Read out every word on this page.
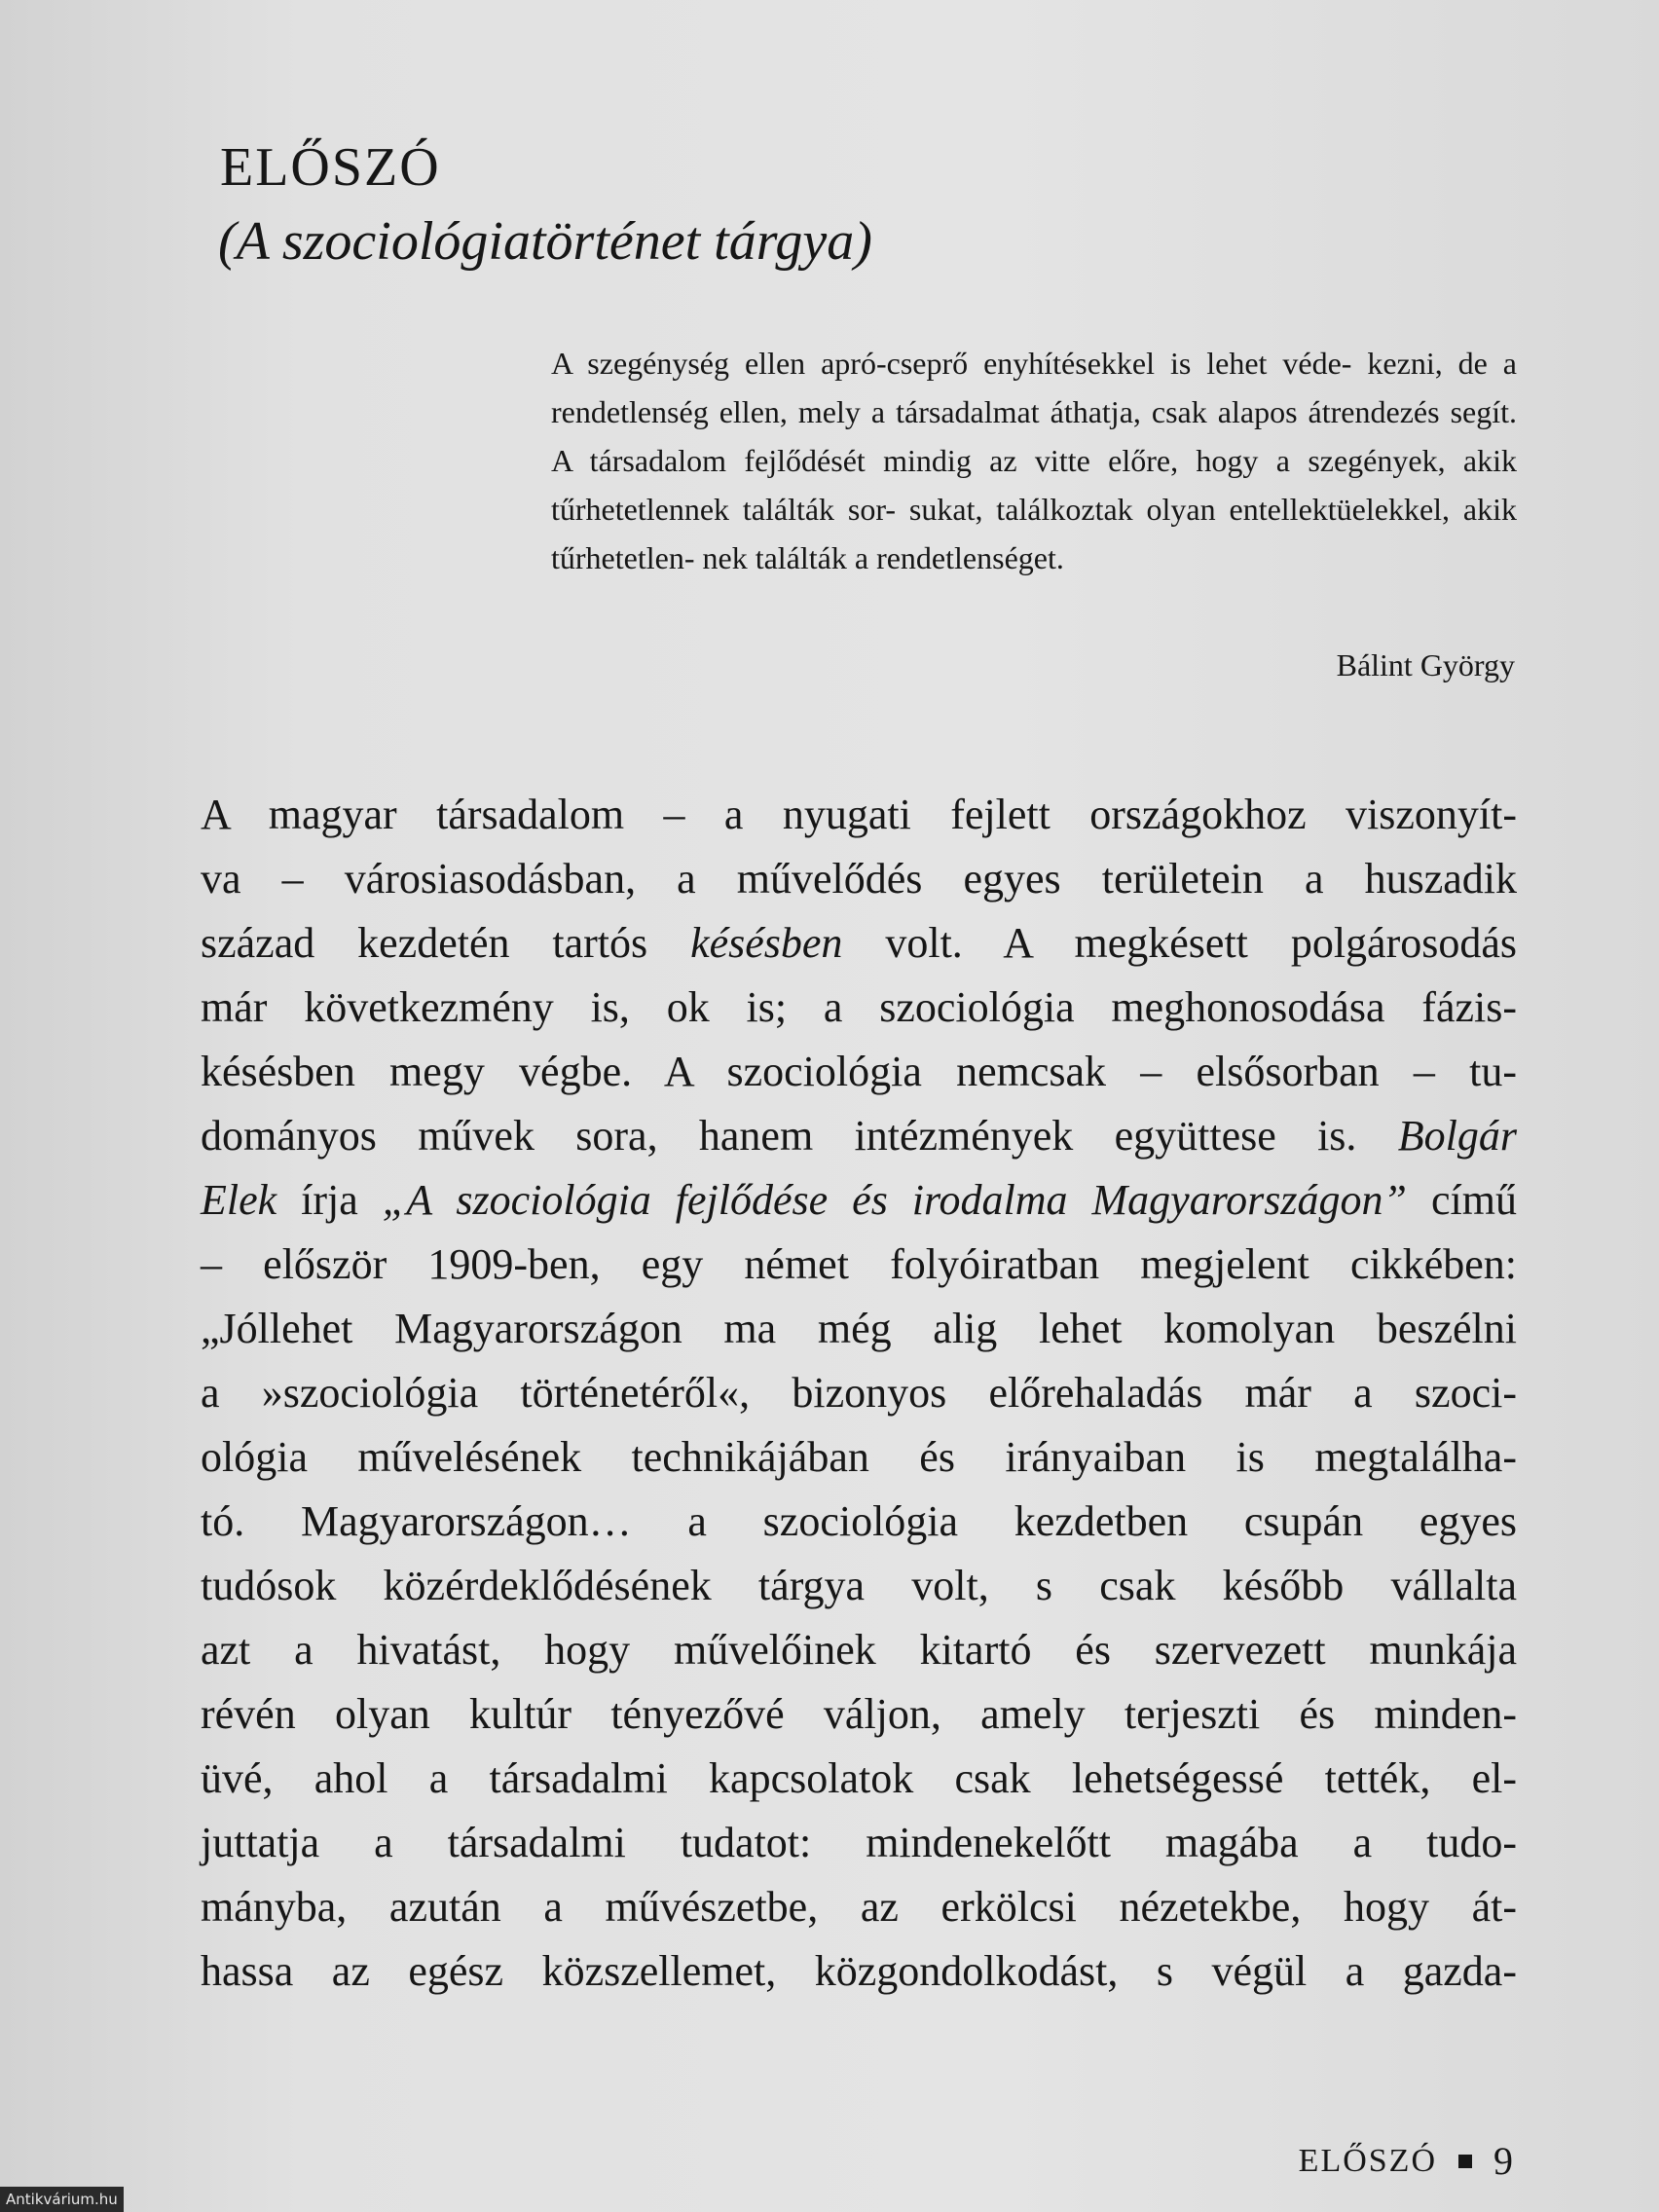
ELŐSZÓ
(A szociológiatörténet tárgya)

A szegénység ellen apró-cseprő enyhítésekkel is lehet véde- kezni, de a rendetlenség ellen, mely a társadalmat áthatja, csak alapos átrendezés segít. A társadalom fejlődését mindig az vitte előre, hogy a szegények, akik tűrhetetlennek találták sor- sukat, találkoztak olyan entellektüelekkel, akik tűrhetetlen- nek találták a rendetlenséget.

Bálint György

A magyar társadalom – a nyugati fejlett országokhoz viszonyít-
va – városiasodásban, a művelődés egyes területein a huszadik
század kezdetén tartós késésben volt. A megkésett polgárosodás
már következmény is, ok is; a szociológia meghonosodása fázis-
késésben megy végbe. A szociológia nemcsak – elsősorban – tu-
dományos művek sora, hanem intézmények együttese is. Bolgár
Elek írja „A szociológia fejlődése és irodalma Magyarországon” című
– először 1909-ben, egy német folyóiratban megjelent cikkében:
„Jóllehet Magyarországon ma még alig lehet komolyan beszélni
a »szociológia történetéről«, bizonyos előrehaladás már a szoci-
ológia művelésének technikájában és irányaiban is megtalálha-
tó. Magyarországon… a szociológia kezdetben csupán egyes
tudósok közérdeklődésének tárgya volt, s csak később vállalta
azt a hivatást, hogy művelőinek kitartó és szervezett munkája
révén olyan kultúr tényezővé váljon, amely terjeszti és minden-
üvé, ahol a társadalmi kapcsolatok csak lehetségessé tették, el-
juttatja a társadalmi tudatot: mindenekelőtt magába a tudo-
mányba, azután a művészetbe, az erkölcsi nézetekbe, hogy át-
hassa az egész közszellemet, közgondolkodást, s végül a gazda-

ELŐSZÓ 9

Antikvárium.hu
